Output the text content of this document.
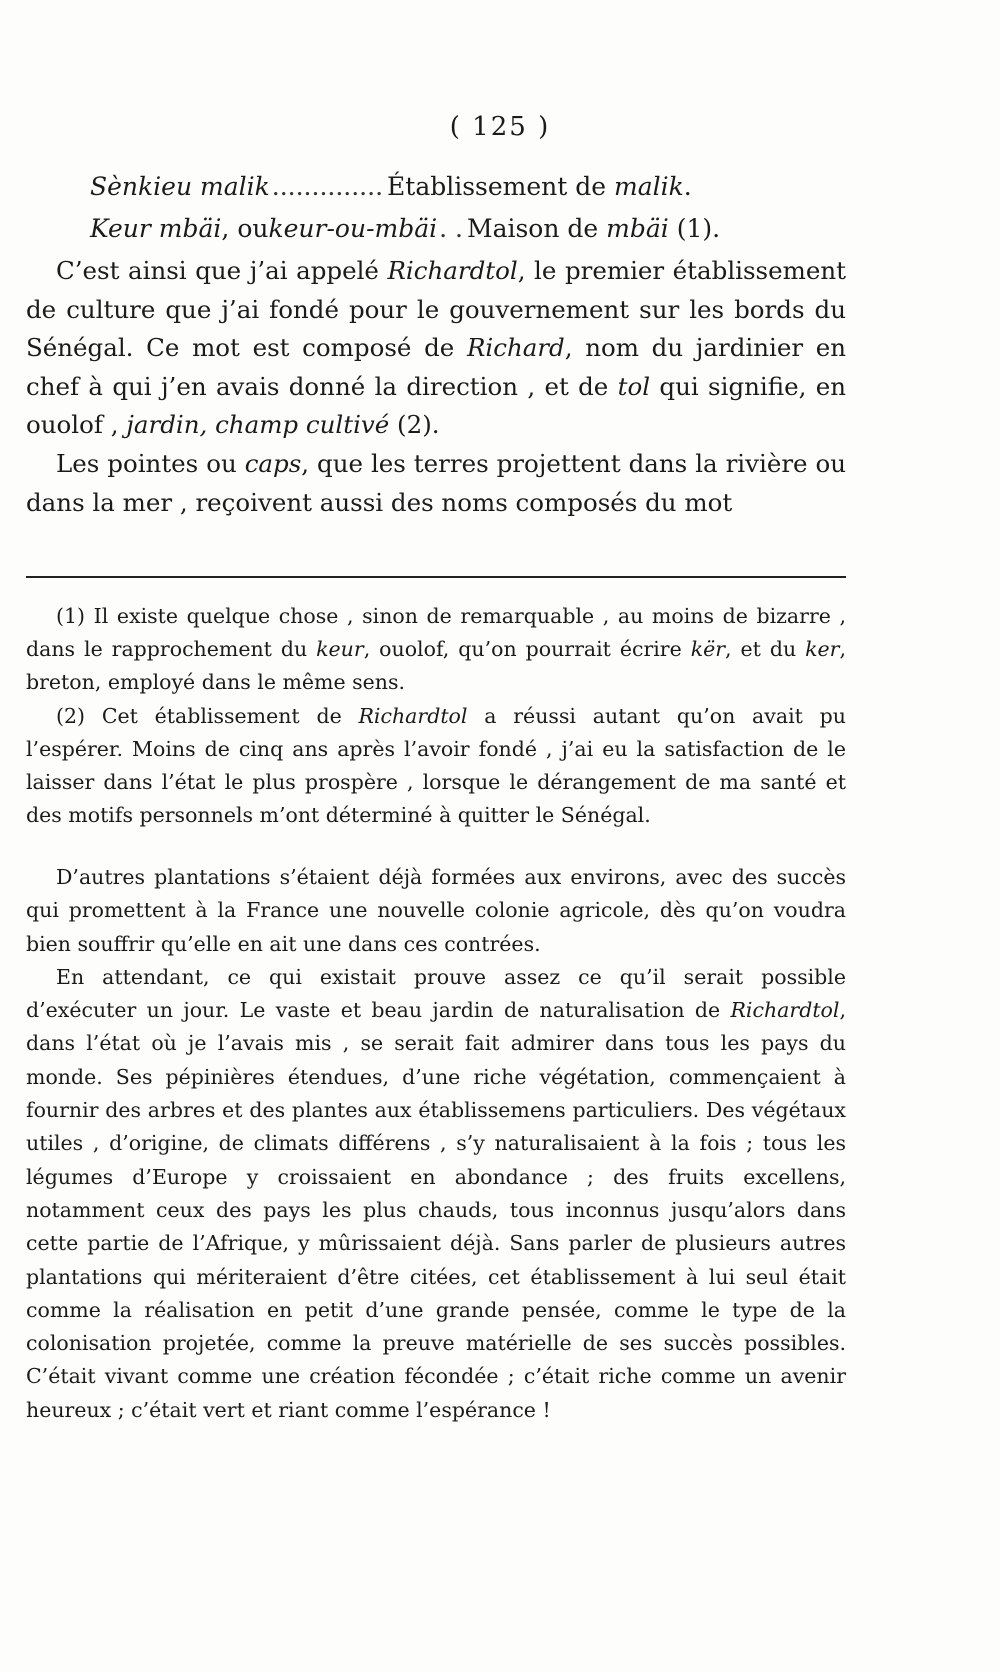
( 125 )
Sènkieu malik .............. Établissement de malik.
Keur mbäi , ou keur-ou-mbäi . . Maison de mbäi (1).

C’est ainsi que j’ai appelé Richardtol, le premier établissement de culture que j’ai fondé pour le gouvernement sur les bords du Sénégal. Ce mot est composé de Richard, nom du jardinier en chef à qui j’en avais donné la direction , et de tol qui signifie, en ouolof , jardin, champ cultivé (2).

Les pointes ou caps, que les terres projettent dans la rivière ou dans la mer , reçoivent aussi des noms composés du mot

(1) Il existe quelque chose , sinon de remarquable , au moins de bizarre , dans le rapprochement du keur, ouolof, qu’on pourrait écrire kër, et du ker, breton, employé dans le même sens.

(2) Cet établissement de Richardtol a réussi autant qu’on avait pu l’espérer. Moins de cinq ans après l’avoir fondé , j’ai eu la satisfaction de le laisser dans l’état le plus prospère , lorsque le dérangement de ma santé et des motifs personnels m’ont déterminé à quitter le Sénégal.

D’autres plantations s’étaient déjà formées aux environs, avec des succès qui promettent à la France une nouvelle colonie agricole, dès qu’on voudra bien souffrir qu’elle en ait une dans ces contrées.

En attendant, ce qui existait prouve assez ce qu’il serait possible d’exécuter un jour. Le vaste et beau jardin de naturalisation de Richardtol, dans l’état où je l’avais mis , se serait fait admirer dans tous les pays du monde. Ses pépinières étendues, d’une riche végétation, commençaient à fournir des arbres et des plantes aux établissemens particuliers. Des végétaux utiles , d’origine, de climats différens , s’y naturalisaient à la fois ; tous les légumes d’Europe y croissaient en abondance ; des fruits excellens, notamment ceux des pays les plus chauds, tous inconnus jusqu’alors dans cette partie de l’Afrique, y mûrissaient déjà. Sans parler de plusieurs autres plantations qui mériteraient d’être citées, cet établissement à lui seul était comme la réalisation en petit d’une grande pensée, comme le type de la colonisation projetée, comme la preuve matérielle de ses succès possibles. C’était vivant comme une création fécondée ; c’était riche comme un avenir heureux ; c’était vert et riant comme l’espérance !
